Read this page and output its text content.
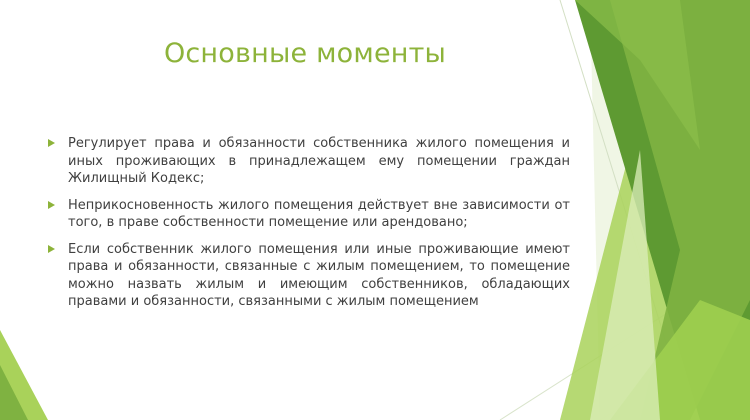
Основные моменты
Регулирует права и обязанности собственника жилого помещения и иных проживающих в принадлежащем ему помещении граждан Жилищный Кодекс;
Неприкосновенность жилого помещения действует вне зависимости от того, в праве собственности помещение или арендовано;
Если собственник жилого помещения или иные проживающие имеют права и обязанности, связанные с жилым помещением, то помещение можно назвать жилым и имеющим собственников, обладающих правами и обязанности, связанными с жилым помещением
